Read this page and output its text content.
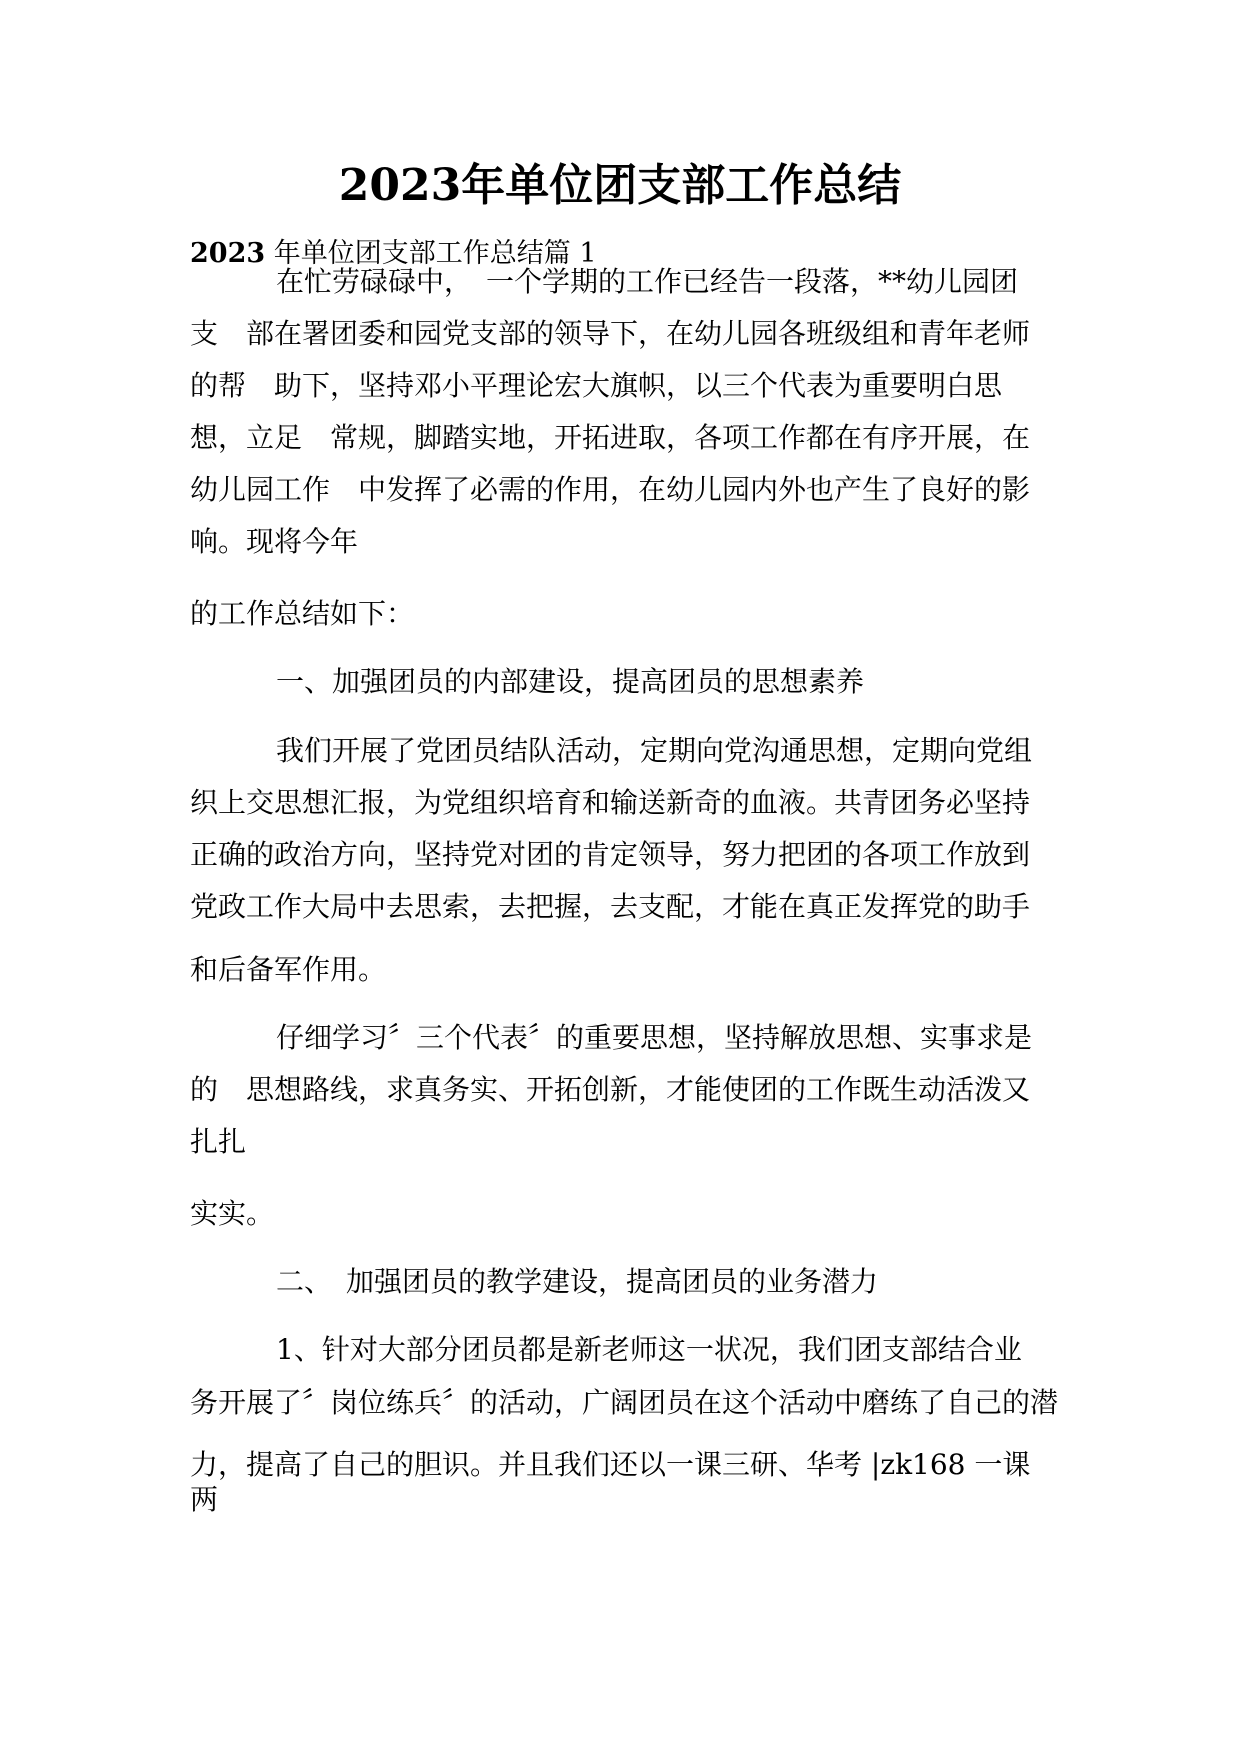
2023年单位团支部工作总结
2023 年单位团支部工作总结篇 1
在忙劳碌碌中，　一个学期的工作已经告一段落，**幼儿园团
支　部在署团委和园党支部的领导下，在幼儿园各班级组和青年老师
的帮　助下，坚持邓小平理论宏大旗帜，以三个代表为重要明白思
想，立足　常规，脚踏实地，开拓进取，各项工作都在有序开展，在
幼儿园工作　中发挥了必需的作用，在幼儿园内外也产生了良好的影
响。现将今年
的工作总结如下：
一、加强团员的内部建设，提高团员的思想素养
我们开展了党团员结队活动，定期向党沟通思想，定期向党组
织上交思想汇报，为党组织培育和输送新奇的血液。共青团务必坚持
正确的政治方向，坚持党对团的肯定领导，努力把团的各项工作放到
党政工作大局中去思索，去把握，去支配，才能在真正发挥党的助手
和后备军作用。
仔细学习〞三个代表〞的重要思想，坚持解放思想、实事求是
的　思想路线，求真务实、开拓创新，才能使团的工作既生动活泼又
扎扎
实实。
二、　加强团员的教学建设，提高团员的业务潜力
1、针对大部分团员都是新老师这一状况，我们团支部结合业
务开展了〞岗位练兵〞的活动，广阔团员在这个活动中磨练了自己的潜
力，提高了自己的胆识。并且我们还以一课三研、华考 |zk168 一课
两
